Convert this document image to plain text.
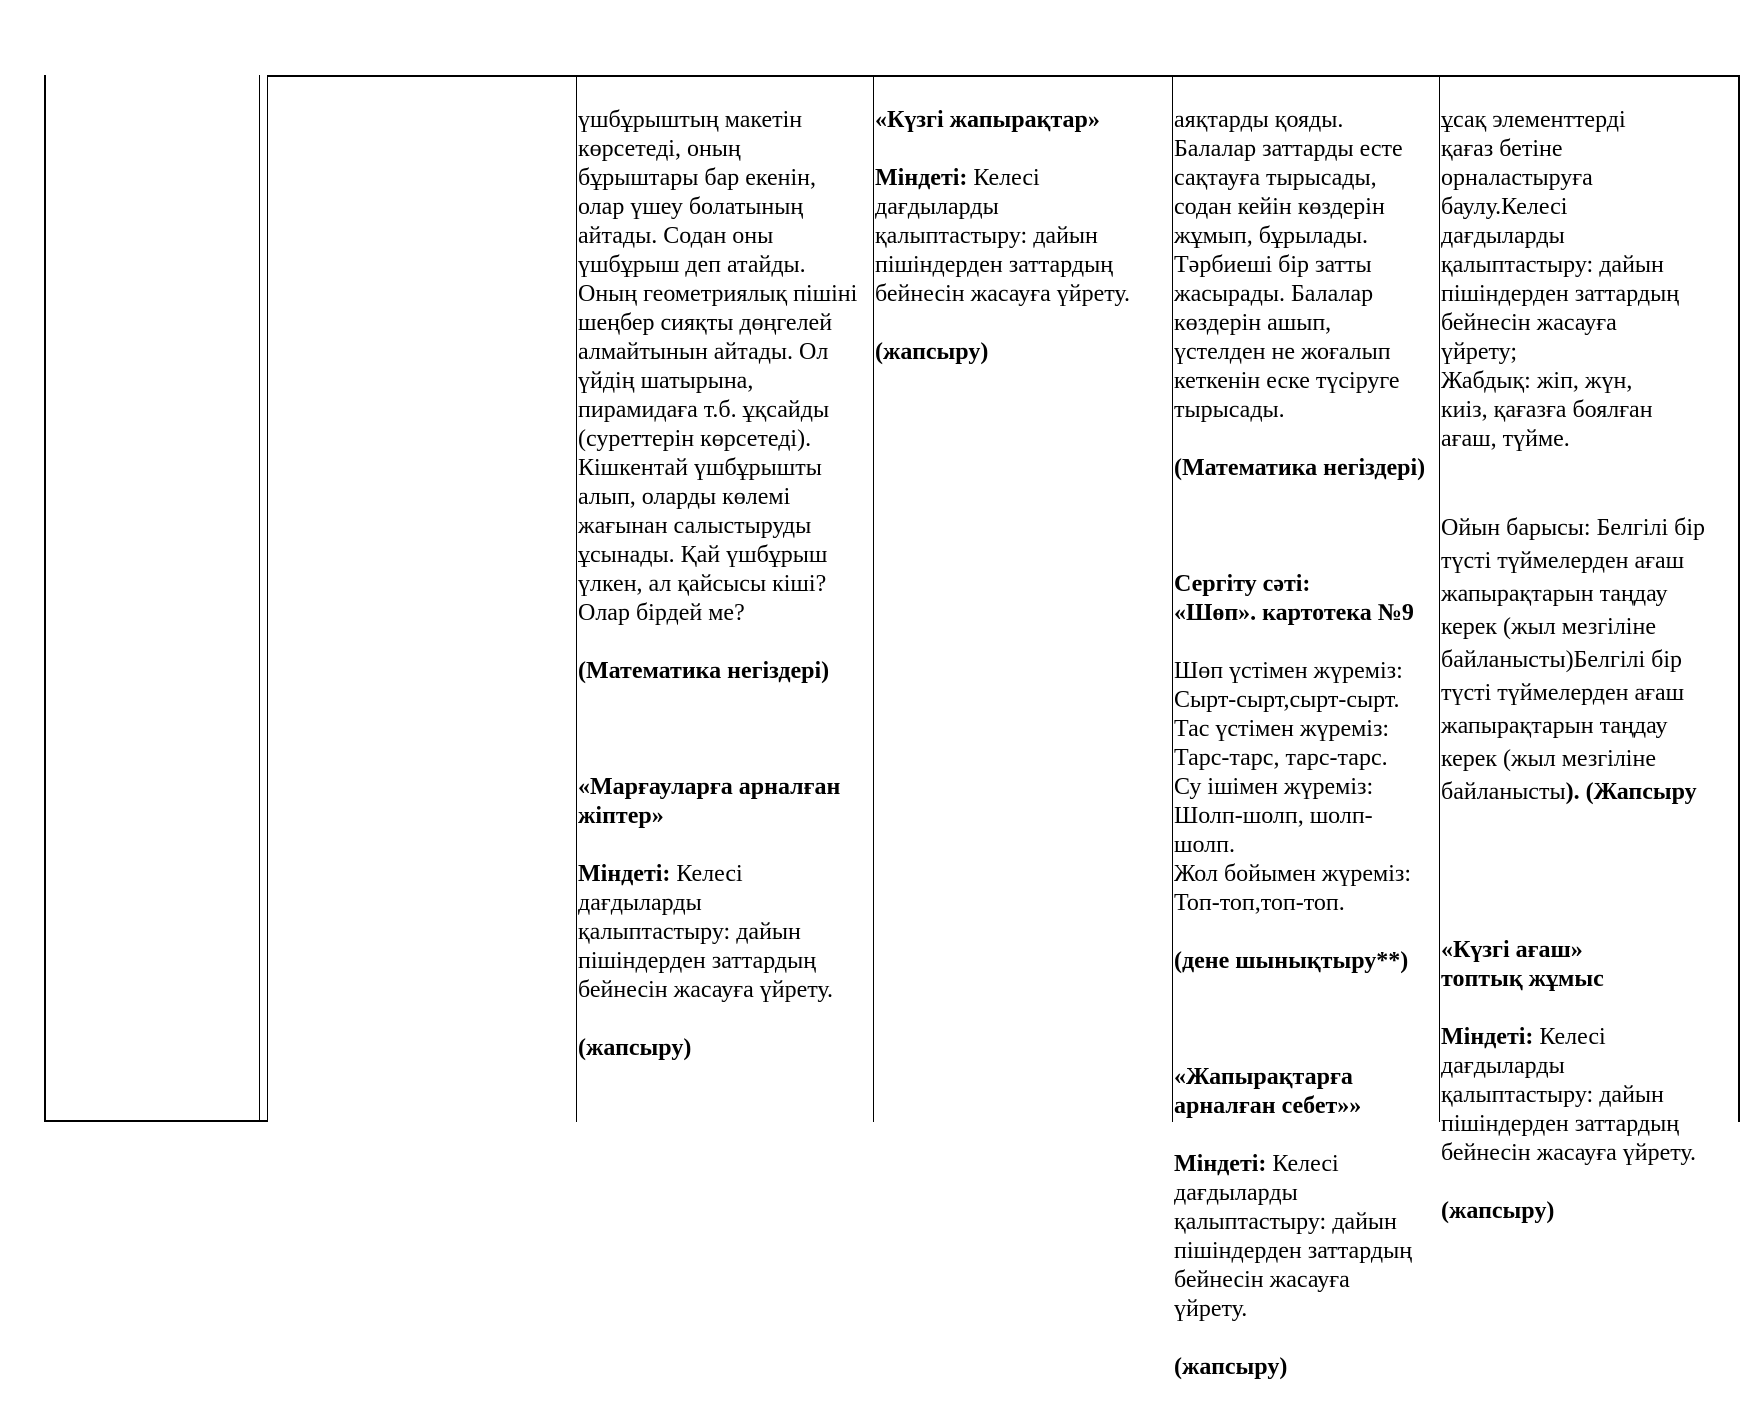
үшбұрыштың макетін
көрсетеді, оның
бұрыштары бар екенін,
олар үшеу болатының
айтады. Содан оны
үшбұрыш деп атайды.
Оның геометриялық пішіні
шеңбер сияқты дөңгелей
алмайтынын айтады. Ол
үйдің шатырына,
пирамидаға т.б. ұқсайды
(суреттерін көрсетеді).
Кішкентай үшбұрышты
алып, оларды көлемі
жағынан салыстыруды
ұсынады. Қай үшбұрыш
үлкен, ал қайсысы кіші?
Олар бірдей ме?

(Математика негіздері)

«Марғауларға арналған
жіптер»

Міндеті: Келесі
дағдыларды
қалыптастыру: дайын
пішіндерден заттардың
бейнесін жасауға үйрету.

(жапсыру)

«Күзгі жапырақтар»

Міндеті: Келесі
дағдыларды
қалыптастыру: дайын
пішіндерден заттардың
бейнесін жасауға үйрету.

(жапсыру)

аяқтарды қояды.
Балалар заттарды есте
сақтауға тырысады,
содан кейін көздерін
жұмып, бұрылады.
Тәрбиеші бір затты
жасырады. Балалар
көздерін ашып,
үстелден не жоғалып
кеткенін еске түсіруге
тырысады.

(Математика негіздері)

Сергіту сәті:
«Шөп». картотека №9

Шөп үстімен жүреміз:
Сырт-сырт,сырт-сырт.
Тас үстімен жүреміз:
Тарс-тарс, тарс-тарс.
Су ішімен жүреміз:
Шолп-шолп, шолп-
шолп.
Жол бойымен жүреміз:
Топ-топ,топ-топ.

(дене шынықтыру**)

«Жапырақтарға
арналған себет»»

Міндеті: Келесі
дағдыларды
қалыптастыру: дайын
пішіндерден заттардың
бейнесін жасауға
үйрету.

(жапсыру)

ұсақ элементтерді
қағаз бетіне
орналастыруға
баулу.Келесі
дағдыларды
қалыптастыру: дайын
пішіндерден заттардың
бейнесін жасауға
үйрету;
Жабдық: жіп, жүн,
киіз, қағазға боялған
ағаш, түйме.

Ойын барысы: Белгілі бір
түсті түймелерден ағаш
жапырақтарын таңдау
керек (жыл мезгіліне
байланысты)Белгілі бір
түсті түймелерден ағаш
жапырақтарын таңдау
керек (жыл мезгіліне
байланысты). (Жапсыру

«Күзгі ағаш»
топтық жұмыс

Міндеті: Келесі
дағдыларды
қалыптастыру: дайын
пішіндерден заттардың
бейнесін жасауға үйрету.

(жапсыру)
